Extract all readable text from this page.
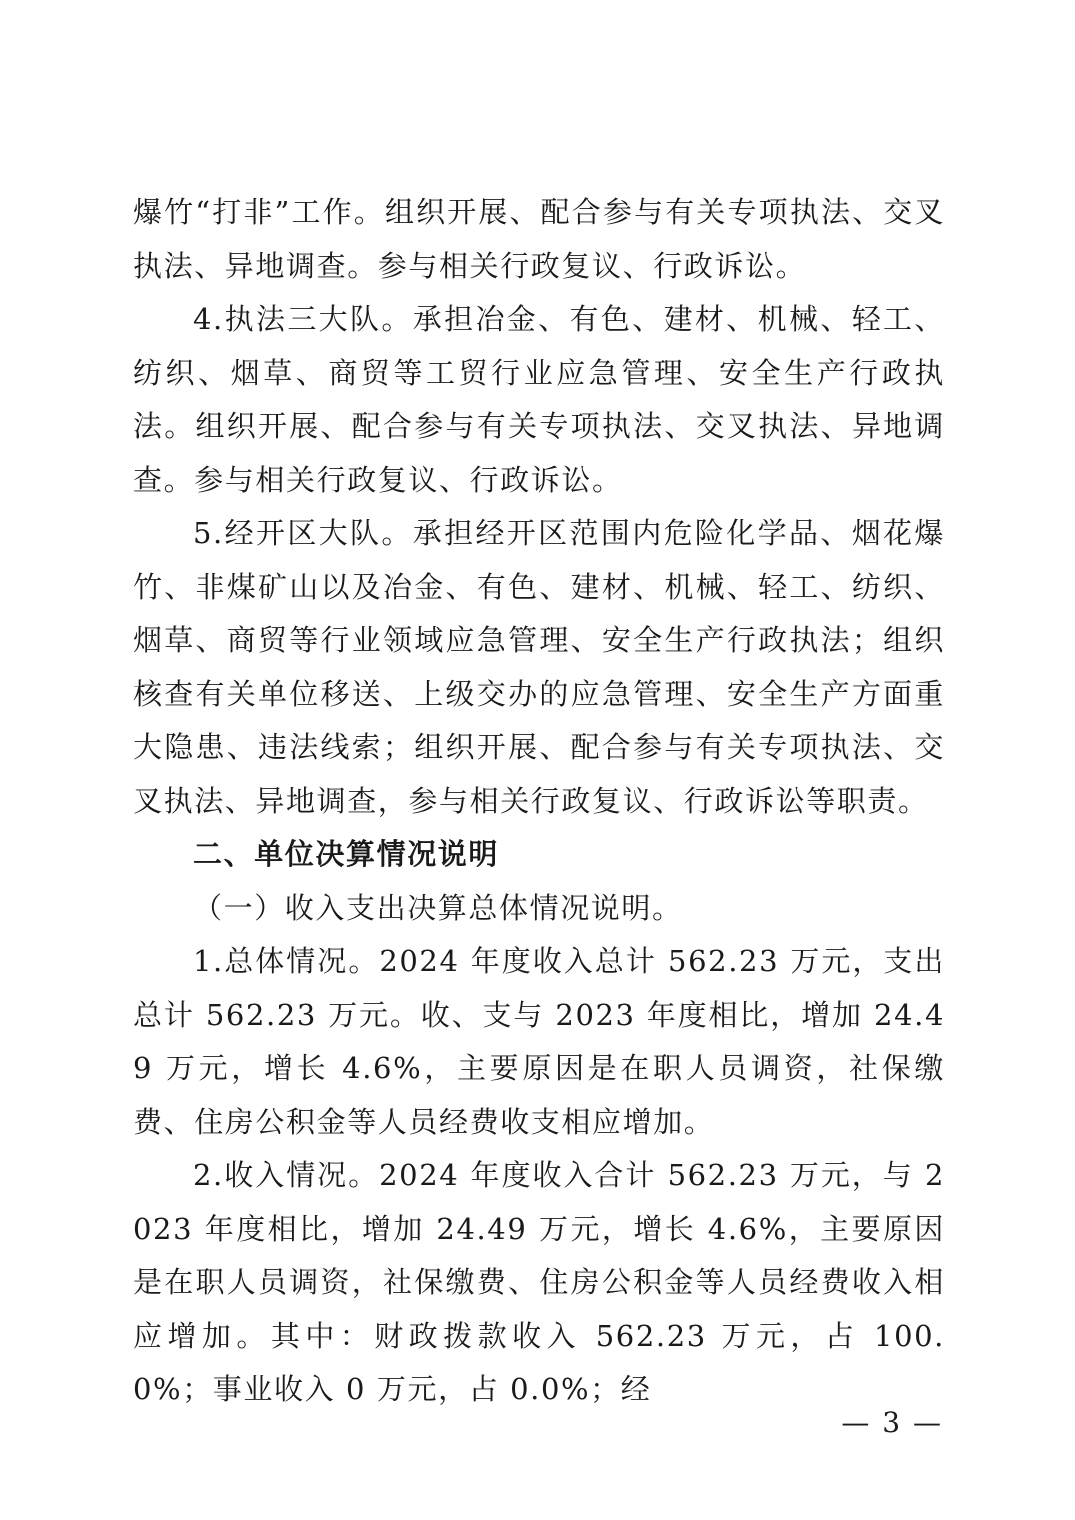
爆竹“打非”工作。组织开展、配合参与有关专项执法、交叉执法、异地调查。参与相关行政复议、行政诉讼。

4.执法三大队。承担冶金、有色、建材、机械、轻工、纺织、烟草、商贸等工贸行业应急管理、安全生产行政执法。组织开展、配合参与有关专项执法、交叉执法、异地调查。参与相关行政复议、行政诉讼。

5.经开区大队。承担经开区范围内危险化学品、烟花爆竹、非煤矿山以及冶金、有色、建材、机械、轻工、纺织、烟草、商贸等行业领域应急管理、安全生产行政执法；组织核查有关单位移送、上级交办的应急管理、安全生产方面重大隐患、违法线索；组织开展、配合参与有关专项执法、交叉执法、异地调查，参与相关行政复议、行政诉讼等职责。

二、单位决算情况说明

（一）收入支出决算总体情况说明。

1.总体情况。2024 年度收入总计 562.23 万元，支出总计 562.23 万元。收、支与 2023 年度相比，增加 24.49 万元，增长 4.6%，主要原因是在职人员调资，社保缴费、住房公积金等人员经费收支相应增加。

2.收入情况。2024 年度收入合计 562.23 万元，与 2023 年度相比，增加 24.49 万元，增长 4.6%，主要原因是在职人员调资，社保缴费、住房公积金等人员经费收入相应增加。其中：财政拨款收入 562.23 万元，占 100.0%；事业收入 0 万元，占 0.0%；经

— 3 —
